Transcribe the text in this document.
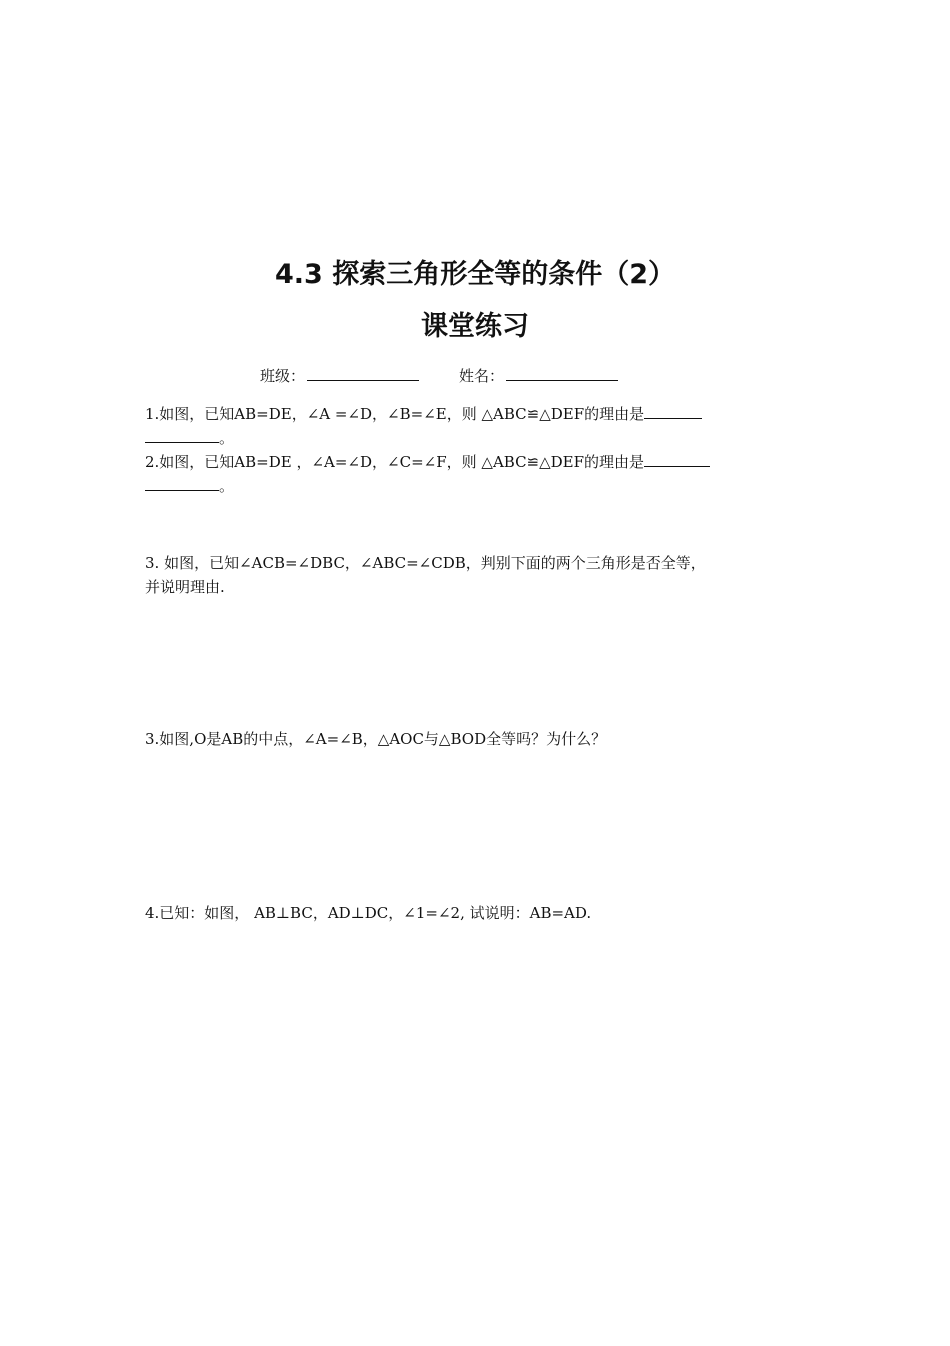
4.3 探索三角形全等的条件（2）
课堂练习
班级：	姓名：
1.如图，已知AB=DE，∠A =∠D，∠B=∠E，则 △ABC≌△DEF的理由是
。
2.如图，已知AB=DE ，∠A=∠D，∠C=∠F，则 △ABC≌△DEF的理由是
。
3. 如图，已知∠ACB=∠DBC，∠ABC=∠CDB，判别下面的两个三角形是否全等，
并说明理由.
3.如图,O是AB的中点，∠A=∠B，△AOC与△BOD全等吗？为什么？
4.已知：如图， AB⊥BC，AD⊥DC，∠1=∠2, 试说明：AB=AD.
